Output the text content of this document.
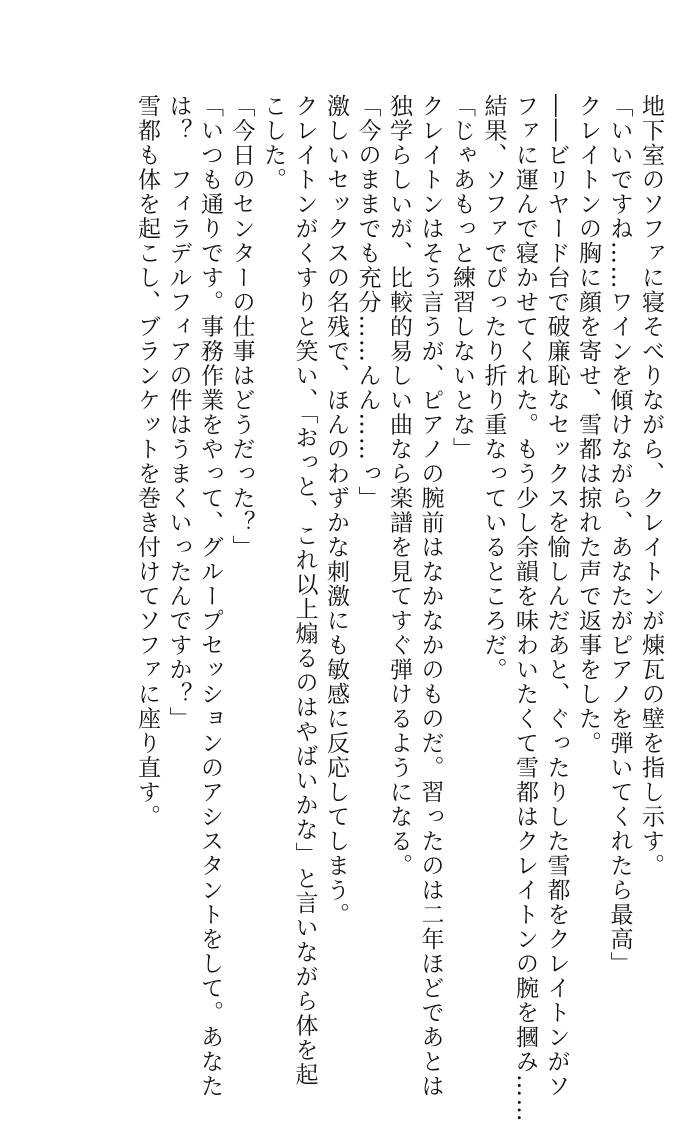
地下室のソファに寝そべりながら、クレイトンが煉瓦の壁を指し示す。

「いいですね……ワインを傾けながら、あなたがピアノを弾いてくれたら最高」

クレイトンの胸に顔を寄せ、雪都は掠れた声で返事をした。

――ビリヤード台で破廉恥なセックスを愉しんだあと、ぐったりした雪都をクレイトンがソ

ファに運んで寝かせてくれた。もう少し余韻を味わいたくて雪都はクレイトンの腕を摑み……

結果、ソファでぴったり折り重なっているところだ。

「じゃあもっと練習しないとな」

クレイトンはそう言うが、ピアノの腕前はなかなかのものだ。習ったのは二年ほどであとは

独学らしいが、比較的易しい曲なら楽譜を見てすぐ弾けるようになる。

「今のままでも充分……んん……っ」

激しいセックスの名残で、ほんのわずかな刺激にも敏感に反応してしまう。

クレイトンがくすりと笑い、「おっと、これ以上煽るのはやばいかな」と言いながら体を起

こした。

「今日のセンターの仕事はどうだった？」

「いつも通りです。事務作業をやって、グループセッションのアシスタントをして。あなた

は？　フィラデルフィアの件はうまくいったんですか？」

雪都も体を起こし、ブランケットを巻き付けてソファに座り直す。
